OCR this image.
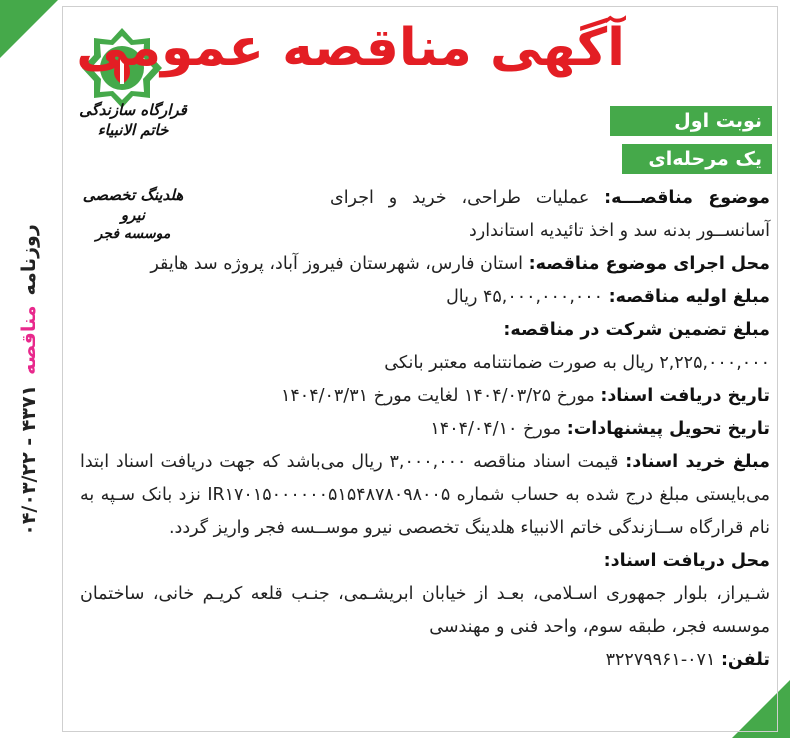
روزنامه
مناقصه
۰۴/۰۳/۲۲ - ۴۳۷۱
قرارگاه سازندگی خاتم الانبیاء
هلدینگ تخصصی نیرو
موسسه فجر
آگهی مناقصه عمومی
نوبت اول
یک مرحله‌ای

موضوع مناقصـــه: عملیات طراحی، خرید و اجرای آسانســور بدنه سد و اخذ تائیدیه استاندارد

محل اجرای موضوع مناقصه: استان فارس، شهرستان فیروز آباد، پروژه سد هایقر

مبلغ اولیه مناقصه: ۴۵,۰۰۰,۰۰۰,۰۰۰ ریال

مبلغ تضمین شرکت در مناقصه:
۲,۲۲۵,۰۰۰,۰۰۰ ریال به صورت ضمانتنامه معتبر بانکی

تاریخ دریافت اسناد: مورخ ۱۴۰۴/۰۳/۲۵ لغایت مورخ ۱۴۰۴/۰۳/۳۱

تاریخ تحویل پیشنهادات: مورخ ۱۴۰۴/۰۴/۱۰

مبلغ خرید اسناد: قیمت اسناد مناقصه ۳,۰۰۰,۰۰۰ ریال می‌باشد که جهت دریافت اسناد ابتدا می‌بایستی مبلغ درج شده به حساب شماره IR۱۷۰۱۵۰۰۰۰۰۰۵۱۵۴۸۷۸۰۹۸۰۰۵ نزد بانک سـپه به نام قرارگاه ســازندگی خاتم الانبیاء هلدینگ تخصصی نیرو موســسه فجر واریز گردد.

محل دریافت اسناد:
شـیراز، بلوار جمهوری اسـلامی، بعـد از خیابان ابریشـمی، جنـب قلعه کریـم خانی، ساختمان موسسه فجر، طبقه سوم، واحد فنی و مهندسی

تلفن: ۰۷۱-۳۲۲۷۹۹۶۱
